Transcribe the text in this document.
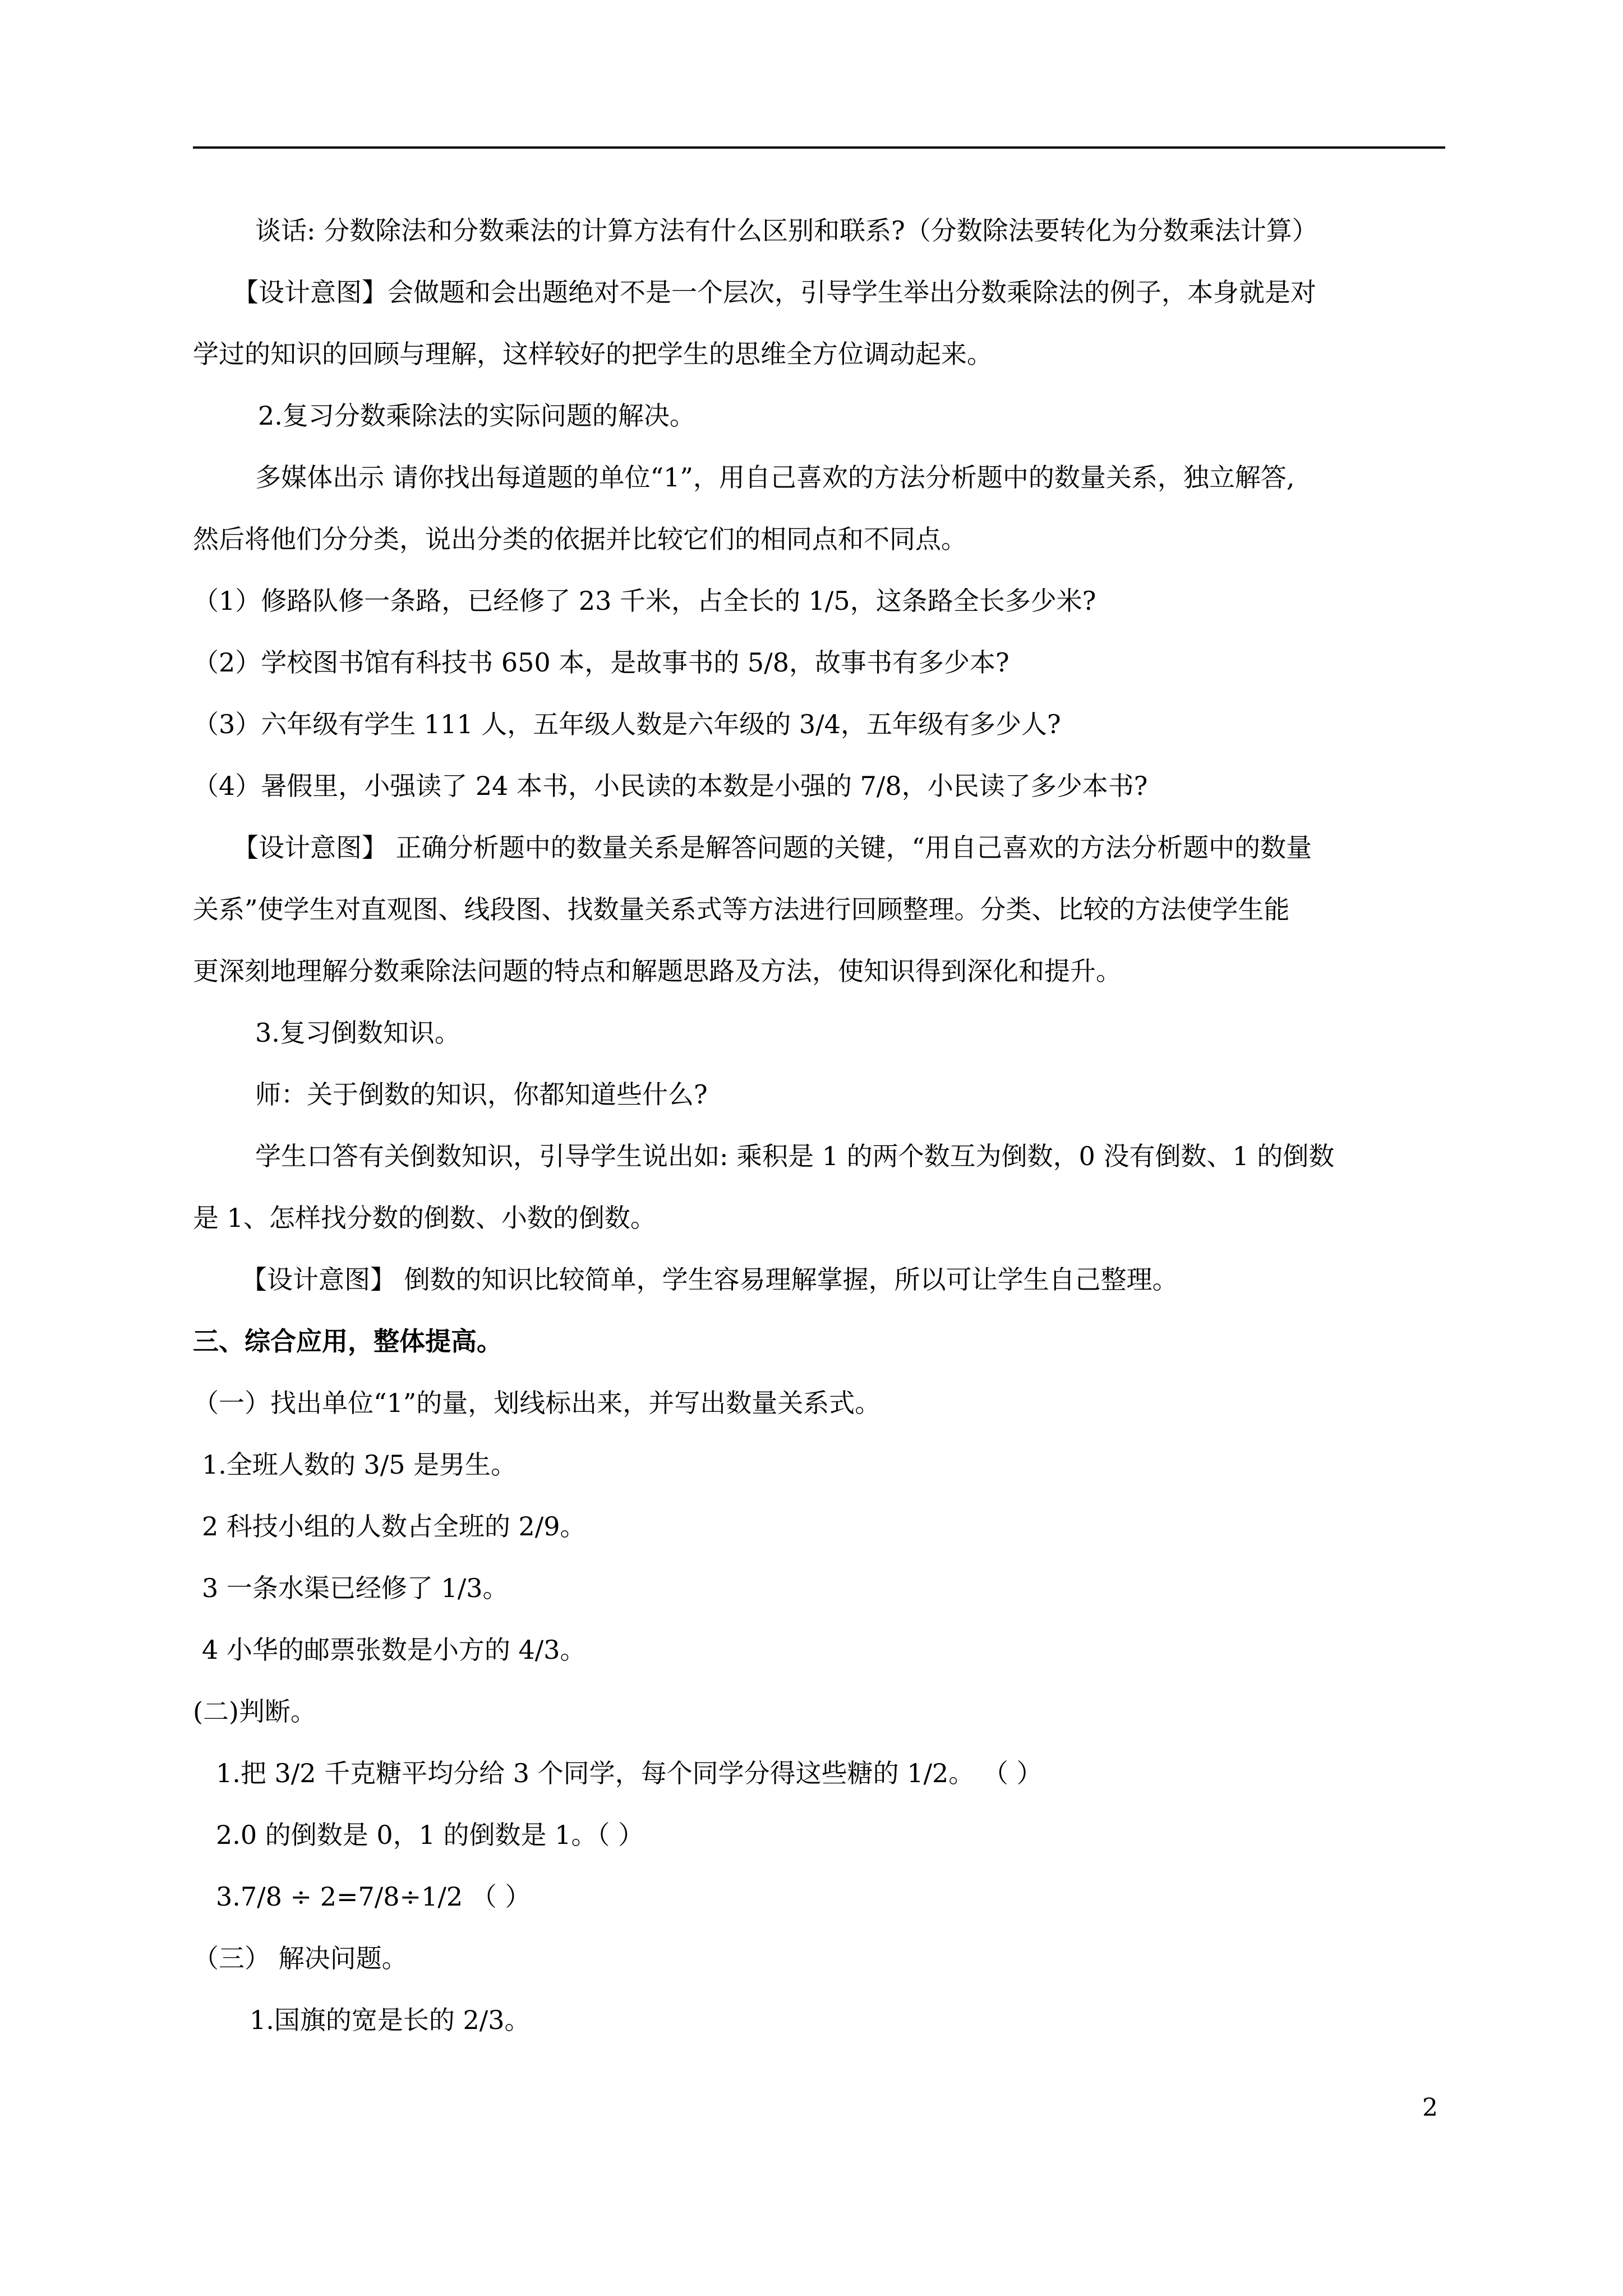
谈话: 分数除法和分数乘法的计算方法有什么区别和联系?（分数除法要转化为分数乘法计算）
【设计意图】会做题和会出题绝对不是一个层次，引导学生举出分数乘除法的例子，本身就是对
学过的知识的回顾与理解，这样较好的把学生的思维全方位调动起来。
2.复习分数乘除法的实际问题的解决。
多媒体出示 请你找出每道题的单位“1”，用自己喜欢的方法分析题中的数量关系，独立解答,
然后将他们分分类，说出分类的依据并比较它们的相同点和不同点。
（1）修路队修一条路，已经修了 23 千米，占全长的 1/5，这条路全长多少米?
（2）学校图书馆有科技书 650 本，是故事书的 5/8，故事书有多少本?
（3）六年级有学生 111 人，五年级人数是六年级的 3/4，五年级有多少人?
（4）暑假里，小强读了 24 本书，小民读的本数是小强的 7/8，小民读了多少本书?
【设计意图】 正确分析题中的数量关系是解答问题的关键，“用自己喜欢的方法分析题中的数量
关系”使学生对直观图、线段图、找数量关系式等方法进行回顾整理。分类、比较的方法使学生能
更深刻地理解分数乘除法问题的特点和解题思路及方法，使知识得到深化和提升。
3.复习倒数知识。
师：关于倒数的知识，你都知道些什么?
学生口答有关倒数知识，引导学生说出如: 乘积是 1 的两个数互为倒数，0 没有倒数、1 的倒数
是 1、怎样找分数的倒数、小数的倒数。
【设计意图】 倒数的知识比较简单，学生容易理解掌握，所以可让学生自己整理。
三、综合应用，整体提高。
（一）找出单位“1”的量，划线标出来，并写出数量关系式。
1.全班人数的 3/5 是男生。
2 科技小组的人数占全班的 2/9。
3 一条水渠已经修了 1/3。
4 小华的邮票张数是小方的 4/3。
(二)判断。
1.把 3/2 千克糖平均分给 3 个同学，每个同学分得这些糖的 1/2。 （ ）
2.0 的倒数是 0，1 的倒数是 1。（ ）
3.7/8 ÷ 2=7/8÷1/2 （ ）
（三） 解决问题。
1.国旗的宽是长的 2/3。
2
